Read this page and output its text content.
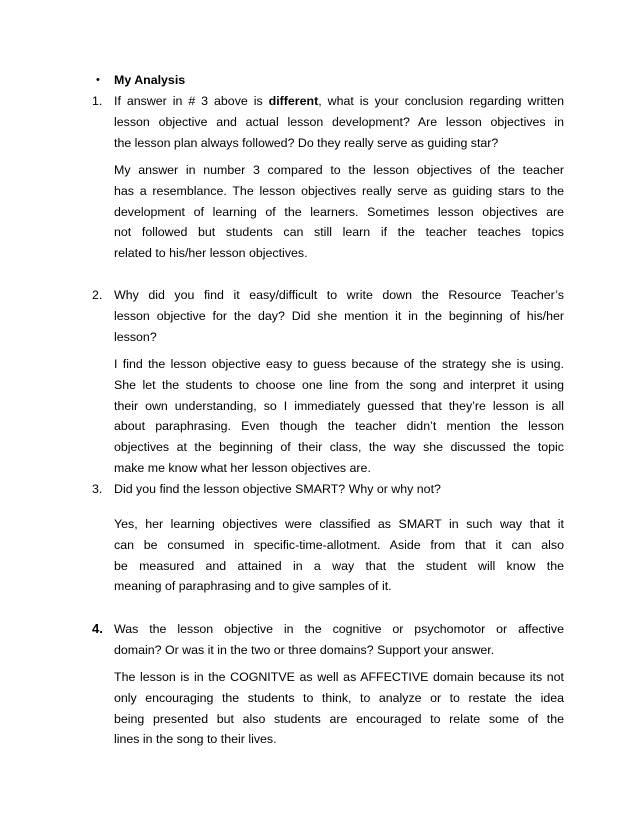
• My Analysis
1. If answer in # 3 above is different, what is your conclusion regarding written
lesson objective and actual lesson development? Are lesson objectives in
the lesson plan always followed? Do they really serve as guiding star?
My answer in number 3 compared to the lesson objectives of the teacher
has a resemblance. The lesson objectives really serve as guiding stars to the
development of learning of the learners. Sometimes lesson objectives are
not followed but students can still learn if the teacher teaches topics
related to his/her lesson objectives.
2. Why did you find it easy/difficult to write down the Resource Teacher’s
lesson objective for the day? Did she mention it in the beginning of his/her
lesson?
I find the lesson objective easy to guess because of the strategy she is using.
She let the students to choose one line from the song and interpret it using
their own understanding, so I immediately guessed that they’re lesson is all
about paraphrasing. Even though the teacher didn’t mention the lesson
objectives at the beginning of their class, the way she discussed the topic
make me know what her lesson objectives are.
3. Did you find the lesson objective SMART? Why or why not?
Yes, her learning objectives were classified as SMART in such way that it
can be consumed in specific-time-allotment. Aside from that it can also
be measured and attained in a way that the student will know the
meaning of paraphrasing and to give samples of it.
4. Was the lesson objective in the cognitive or psychomotor or affective
domain? Or was it in the two or three domains? Support your answer.
The lesson is in the COGNITVE as well as AFFECTIVE domain because its not
only encouraging the students to think, to analyze or to restate the idea
being presented but also students are encouraged to relate some of the
lines in the song to their lives.
